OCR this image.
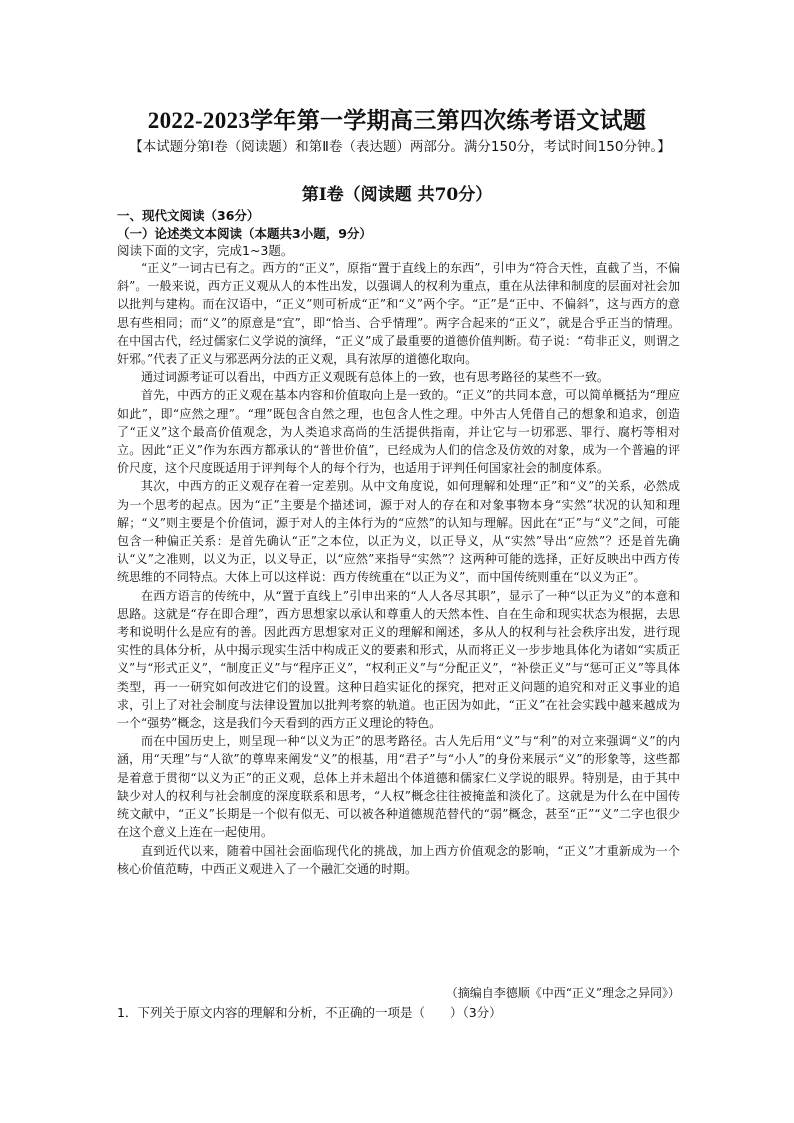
2022-2023学年第一学期高三第四次练考语文试题
【本试题分第Ⅰ卷（阅读题）和第Ⅱ卷（表达题）两部分。满分150分，考试时间150分钟。】
第Ⅰ卷（阅读题 共70分）
一、现代文阅读（36分）
（一）论述类文本阅读（本题共3小题，9分）
阅读下面的文字，完成1~3题。

“正义”一词古已有之。西方的“正义”，原指“置于直线上的东西”，引申为“符合天性，直截了当，不偏斜”。一般来说，西方正义观从人的本性出发，以强调人的权利为重点，重在从法律和制度的层面对社会加以批判与建构。而在汉语中，“正义”则可析成“正”和“义”两个字。“正”是“正中、不偏斜”，这与西方的意思有些相同；而“义”的原意是“宜”，即“恰当、合乎情理”。两字合起来的“正义”，就是合乎正当的情理。在中国古代，经过儒家仁义学说的演绎，“正义”成了最重要的道德价值判断。荀子说：“苟非正义，则谓之奸邪。”代表了正义与邪恶两分法的正义观，具有浓厚的道德化取向。

通过词源考证可以看出，中西方正义观既有总体上的一致，也有思考路径的某些不一致。

首先，中西方的正义观在基本内容和价值取向上是一致的。“正义”的共同本意，可以简单概括为“理应如此”，即“应然之理”。“理”既包含自然之理，也包含人性之理。中外古人凭借自己的想象和追求，创造了“正义”这个最高价值观念，为人类追求高尚的生活提供指南，并让它与一切邪恶、罪行、腐朽等相对立。因此“正义”作为东西方都承认的“普世价值”，已经成为人们的信念及仿效的对象，成为一个普遍的评价尺度，这个尺度既适用于评判每个人的每个行为，也适用于评判任何国家社会的制度体系。

其次，中西方的正义观存在着一定差别。从中文角度说，如何理解和处理“正”和“义”的关系，必然成为一个思考的起点。因为“正”主要是个描述词，源于对人的存在和对象事物本身“实然”状况的认知和理解；“义”则主要是个价值词，源于对人的主体行为的“应然”的认知与理解。因此在“正”与“义”之间，可能包含一种偏正关系：是首先确认“正”之本位，以正为义，以正导义，从“实然”导出“应然”？还是首先确认“义”之准则，以义为正，以义导正，以“应然”来指导“实然”？这两种可能的选择，正好反映出中西方传统思维的不同特点。大体上可以这样说：西方传统重在“以正为义”，而中国传统则重在“以义为正”。

在西方语言的传统中，从“置于直线上”引申出来的“人人各尽其职”，显示了一种“以正为义”的本意和思路。这就是“存在即合理”，西方思想家以承认和尊重人的天然本性、自在生命和现实状态为根据，去思考和说明什么是应有的善。因此西方思想家对正义的理解和阐述，多从人的权利与社会秩序出发，进行现实性的具体分析，从中揭示现实生活中构成正义的要素和形式，从而将正义一步步地具体化为诸如“实质正义”与“形式正义”，“制度正义”与“程序正义”，“权利正义”与“分配正义”，“补偿正义”与“惩可正义”等具体类型，再一一研究如何改进它们的设置。这种日趋实证化的探究，把对正义问题的追究和对正义事业的追求，引上了对社会制度与法律设置加以批判考察的轨道。也正因为如此，“正义”在社会实践中越来越成为一个“强势”概念，这是我们今天看到的西方正义理论的特色。

而在中国历史上，则呈现一种“以义为正”的思考路径。古人先后用“义”与“利”的对立来强调“义”的内涵，用“天理”与“人欲”的尊卑来阐发“义”的根基，用“君子”与“小人”的身份来展示“义”的形象等，这些都是着意于贯彻“以义为正”的正义观，总体上并未超出个体道德和儒家仁义学说的眼界。特别是，由于其中缺少对人的权利与社会制度的深度联系和思考，“人权”概念往往被掩盖和淡化了。这就是为什么在中国传统文献中，“正义”长期是一个似有似无、可以被各种道德规范替代的“弱”概念，甚至“正”“义”二字也很少在这个意义上连在一起使用。

直到近代以来，随着中国社会面临现代化的挑战，加上西方价值观念的影响，“正义”才重新成为一个核心价值范畴，中西正义观进入了一个融汇交通的时期。

（摘编自李德顺《中西“正义”理念之异同》）
1．下列关于原文内容的理解和分析，不正确的一项是（　　）（3分）
